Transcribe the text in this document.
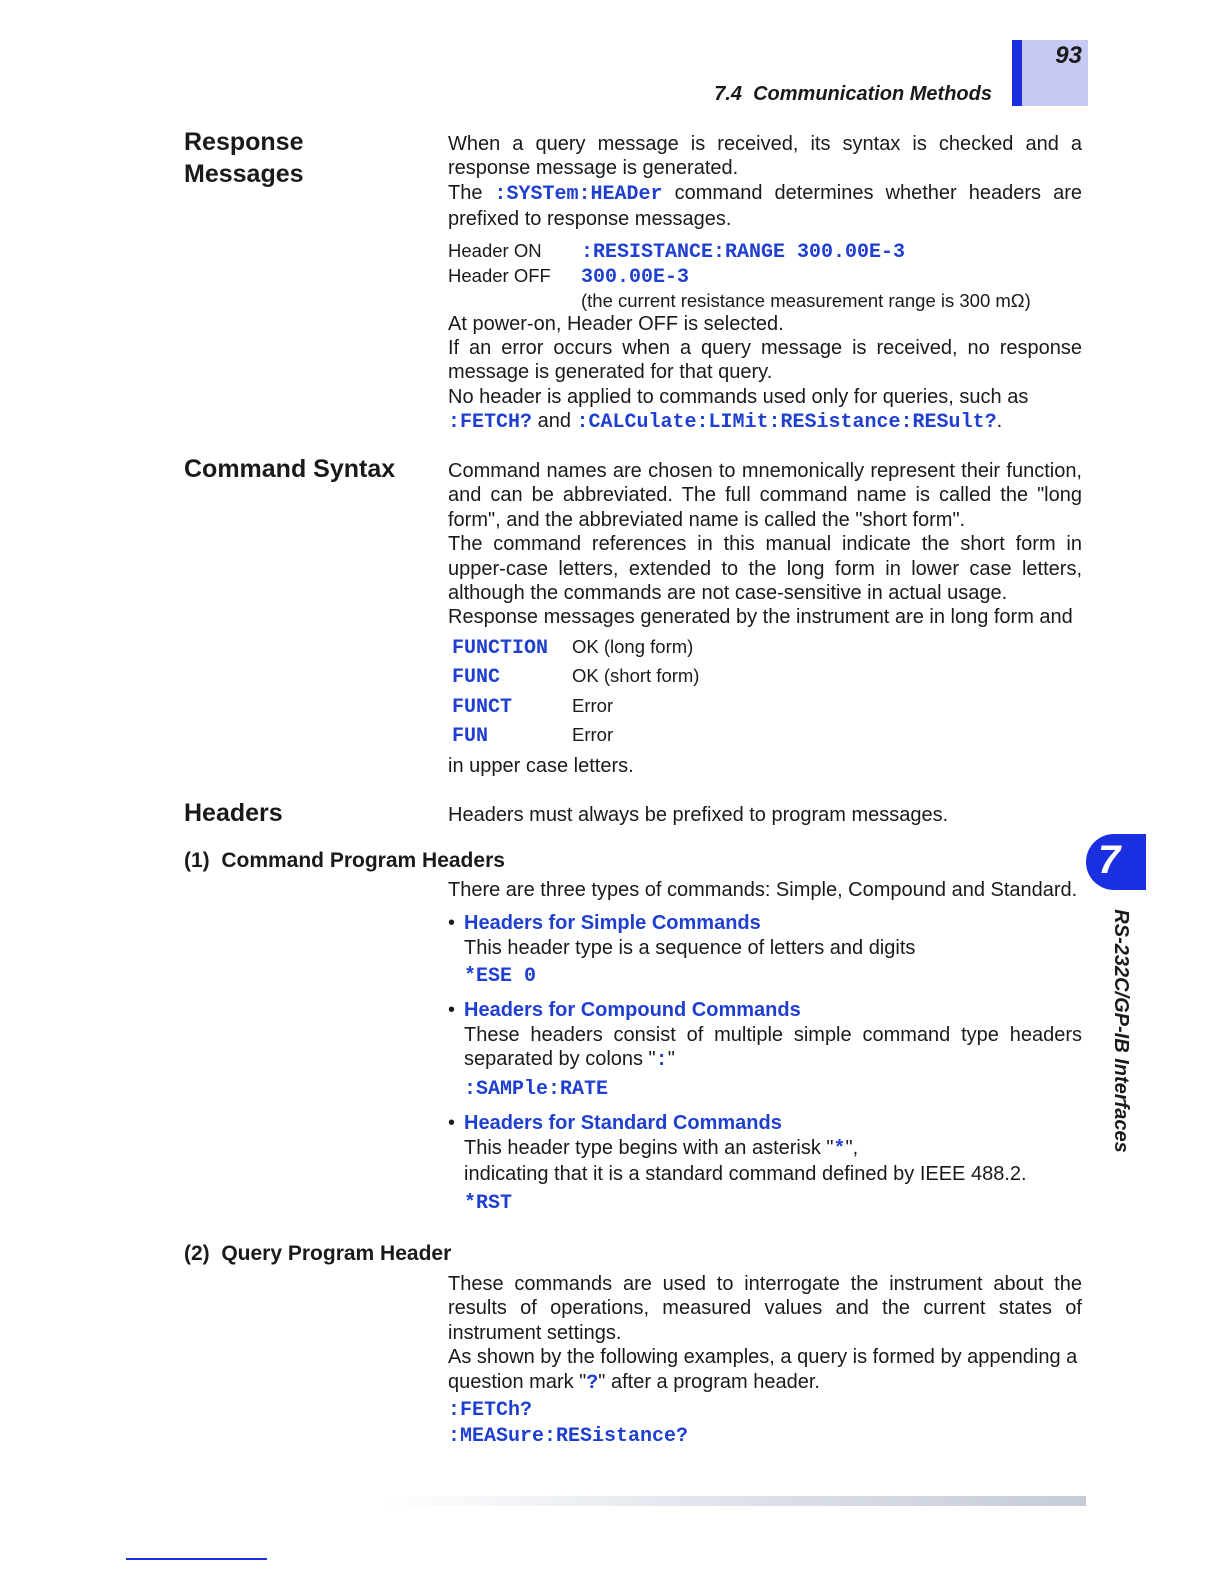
93
7.4  Communication Methods
7
RS-232C/GP-IB Interfaces
Response
Messages
When a query message is received, its syntax is checked and a response message is generated.
The :SYSTem:HEADer command determines whether headers are prefixed to response messages.
Header ON :RESISTANCE:RANGE 300.00E-3
Header OFF 300.00E-3
(the current resistance measurement range is 300 mΩ)
At power-on, Header OFF is selected.
If an error occurs when a query message is received, no response message is generated for that query.
No header is applied to commands used only for queries, such as
:FETCH? and :CALCulate:LIMit:RESistance:RESult?.
Command Syntax	Command names are chosen to mnemonically represent their function, and can be abbreviated. The full command name is called the "long form", and the abbreviated name is called the "short form".
The command references in this manual indicate the short form in upper-case letters, extended to the long form in lower case letters, although the commands are not case-sensitive in actual usage.
Response messages generated by the instrument are in long form and
FUNCTION OK (long form)
FUNC	OK (short form)
FUNCT	Error
FUN	Error
in upper case letters.
Headers	Headers must always be prefixed to program messages.
(1)  Command Program Headers
There are three types of commands: Simple, Compound and Standard.
• Headers for Simple Commands
This header type is a sequence of letters and digits
*ESE 0
• Headers for Compound Commands
These headers consist of multiple simple command type headers separated by colons ":"
:SAMPle:RATE
• Headers for Standard Commands
This header type begins with an asterisk "*",
indicating that it is a standard command defined by IEEE 488.2.
*RST
(2)  Query Program Header
These commands are used to interrogate the instrument about the results of operations, measured values and the current states of instrument settings.
As shown by the following examples, a query is formed by appending a question mark "?" after a program header.
:FETCh?
:MEASure:RESistance?
